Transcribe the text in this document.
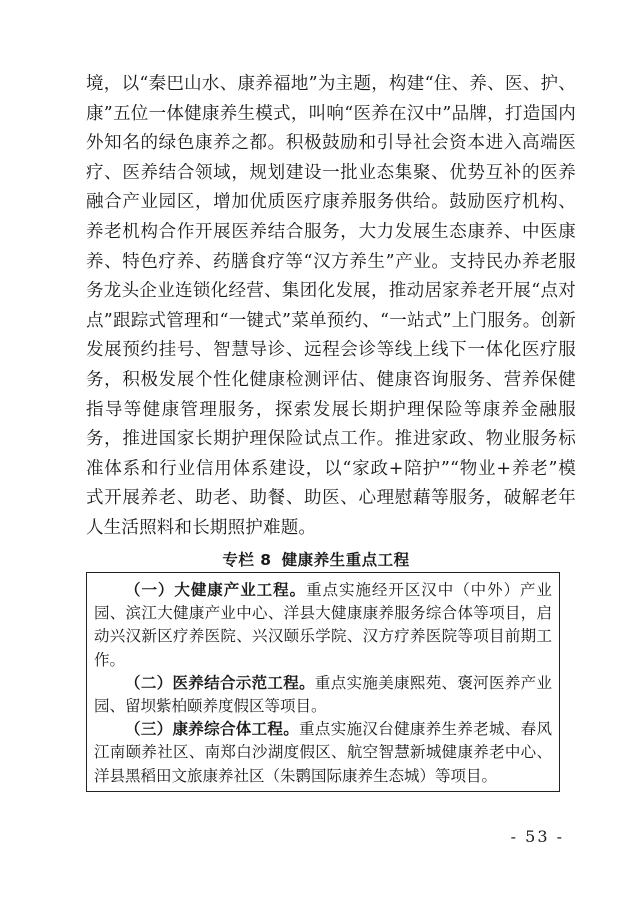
境，以“秦巴山水、康养福地”为主题，构建“住、养、医、护、康”五位一体健康养生模式，叫响“医养在汉中”品牌，打造国内外知名的绿色康养之都。积极鼓励和引导社会资本进入高端医疗、医养结合领域，规划建设一批业态集聚、优势互补的医养融合产业园区，增加优质医疗康养服务供给。鼓励医疗机构、养老机构合作开展医养结合服务，大力发展生态康养、中医康养、特色疗养、药膳食疗等“汉方养生”产业。支持民办养老服务龙头企业连锁化经营、集团化发展，推动居家养老开展“点对点”跟踪式管理和“一键式”菜单预约、“一站式”上门服务。创新发展预约挂号、智慧导诊、远程会诊等线上线下一体化医疗服务，积极发展个性化健康检测评估、健康咨询服务、营养保健指导等健康管理服务，探索发展长期护理保险等康养金融服务，推进国家长期护理保险试点工作。推进家政、物业服务标准体系和行业信用体系建设，以“家政+陪护”“物业+养老”模式开展养老、助老、助餐、助医、心理慰藉等服务，破解老年人生活照料和长期照护难题。

专栏 8 健康养生重点工程

（一）大健康产业工程。重点实施经开区汉中（中外）产业园、滨江大健康产业中心、洋县大健康康养服务综合体等项目，启动兴汉新区疗养医院、兴汉颐乐学院、汉方疗养医院等项目前期工作。

（二）医养结合示范工程。重点实施美康熙苑、褒河医养产业园、留坝紫柏颐养度假区等项目。

（三）康养综合体工程。重点实施汉台健康养生养老城、春风江南颐养社区、南郑白沙湖度假区、航空智慧新城健康养老中心、洋县黑稻田文旅康养社区（朱鹮国际康养生态城）等项目。

- 53 -
